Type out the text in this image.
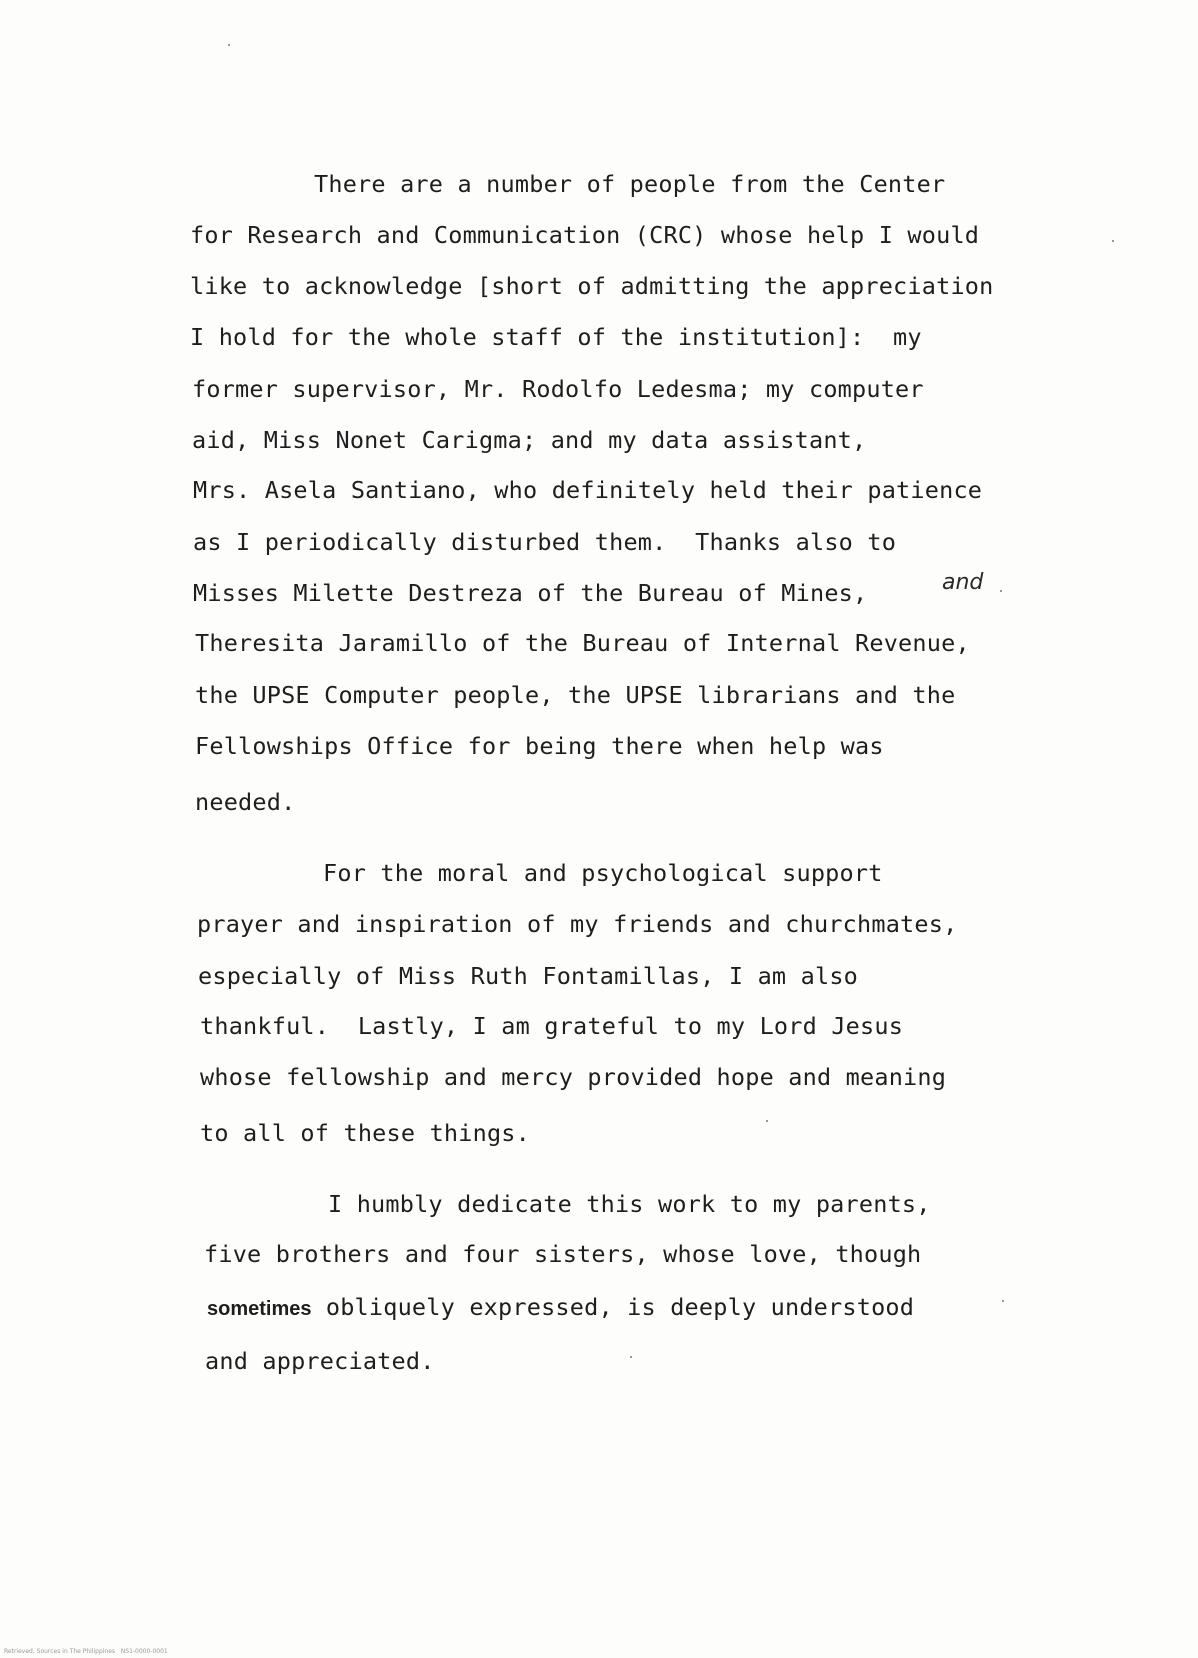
There are a number of people from the Center
for Research and Communication (CRC) whose help I would
like to acknowledge [short of admitting the appreciation
I hold for the whole staff of the institution]:  my
former supervisor, Mr. Rodolfo Ledesma; my computer
aid, Miss Nonet Carigma; and my data assistant,
Mrs. Asela Santiano, who definitely held their patience
as I periodically disturbed them.  Thanks also to
Misses Milette Destreza of the Bureau of Mines,	and
Theresita Jaramillo of the Bureau of Internal Revenue,
the UPSE Computer people, the UPSE librarians and the
Fellowships Office for being there when help was
needed.
For the moral and psychological support
prayer and inspiration of my friends and churchmates,
especially of Miss Ruth Fontamillas, I am also
thankful.  Lastly, I am grateful to my Lord Jesus
whose fellowship and mercy provided hope and meaning
to all of these things.
I humbly dedicate this work to my parents,
five brothers and four sisters, whose love, though
sometimes obliquely expressed, is deeply understood
and appreciated.
Retrieved, Sources in The Philippines   NS1-0000-0001
